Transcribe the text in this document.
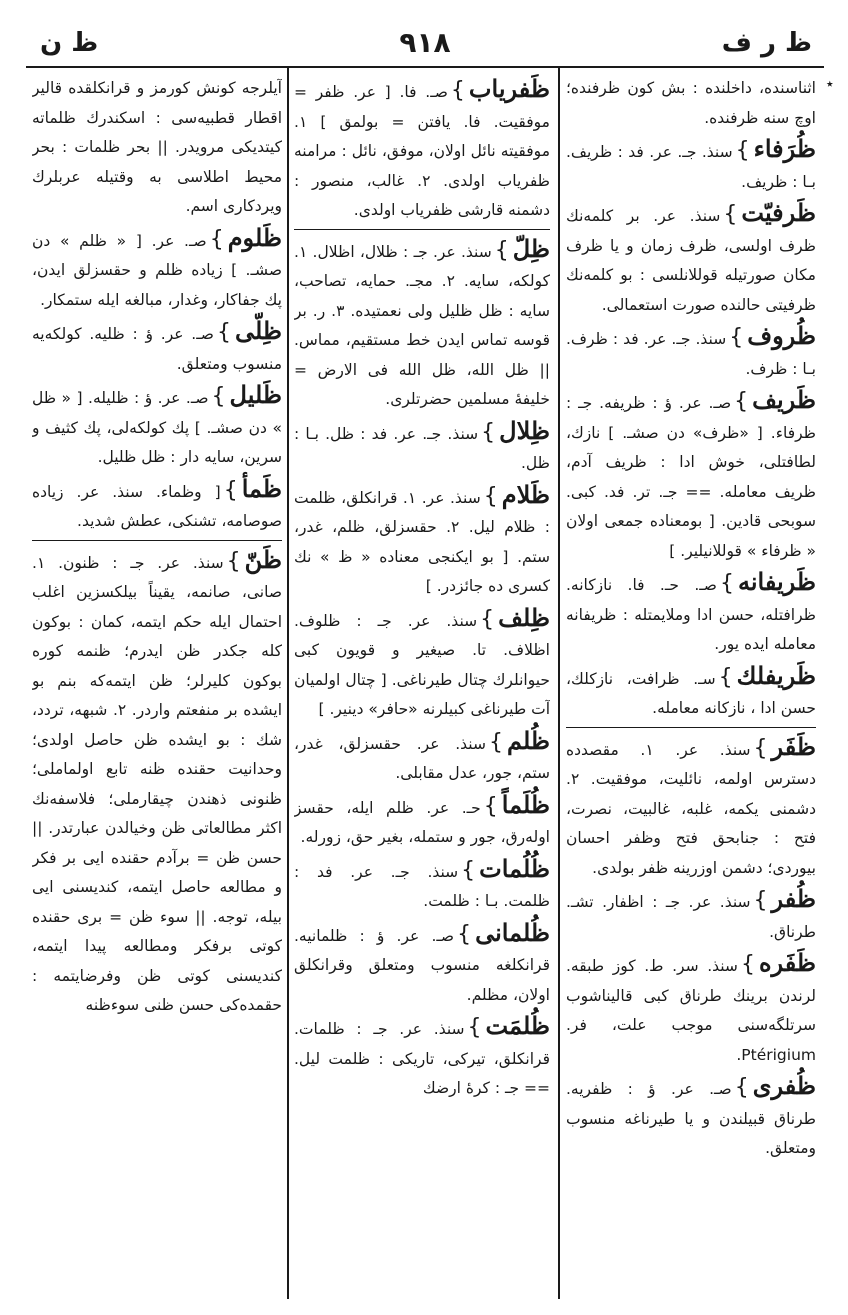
ظ ر ف
٩١٨
ظ ن
٭

اثناسنده، داخلنده : بش کون ظرفنده؛ اوچ سنه ظرفنده.

ظُرَفاء}سنذ. جـ. عر. فد : ظریف. بـا : ظریف.

ظَرفیّت}سنذ. عر. بر کلمه‌نك ظرف اولسی، ظرف زمان و یا ظرف مکان صورتیله قوللانلسی : بو کلمه‌نك ظرفیتی حالنده صورت استعمالی.

ظُروف}سنذ. جـ. عر. فد : ظرف. بـا : ظرف.

ظَریف}صـ. عر. ؤ : ظریفه. جـ : ظرفاء. [ «ظرف» دن صشـ. ] نازك، لطافتلی، خوش ادا : ظریف آدم، ظریف معامله. == جـ. تر. فد. کبی. سوبحی قادین. [ بومعناده جمعی اولان « ظرفاء » قوللانیلیر. ]

ظَریفانه}صـ. حـ. فا. نازکانه. ظرافتله، حسن ادا وملایمتله : ظریفانه معامله ایده یور.

ظَریفلك}سـ. ظرافت، نازکلك، حسن ادا ، نازکانه معامله.

ظَفَر}سنذ. عر. ١. مقصدده دسترس اولمه، نائلیت، موفقیت. ٢. دشمنی یکمه، غلبه، غالبیت، نصرت، فتح : جنابحق فتح وظفر احسان بیوردی؛ دشمن اوزرینه ظفر بولدی.

ظُفر}سنذ. عر. جـ : اظفار. تشـ. طرناق.

ظَفَره}سنذ. سر. ط. کوز طبقه. لرندن برینك طرناق کبی قالیناشوب سرتلگه‌سنی موجب علت، فر. Ptérigium.

ظُفری}صـ. عر. ؤ : ظفریه. طرناق قبیلندن و یا طیرناغه منسوب ومتعلق.

ظَفریاب}صـ. فا. [ عر. ظفر = موفقیت. فا. یافتن = بولمق ] ١. موفقیته نائل اولان، موفق، نائل : مرامنه ظفریاب اولدی. ٢. غالب، منصور : دشمنه قارشی ظفریاب اولدی.

ظِلّ}سنذ. عر. جـ : ظلال، اظلال. ١. کولکه، سایه. ٢. مجـ. حمایه، تصاحب، سایه : ظل ظلیل ولی نعمتیده. ٣. ر. بر قوسه تماس ایدن خط مستقیم، مماس. || ظل الله، ظل الله فی الارض = خلیفهٔ مسلمین حضرتلری.

ظِلال}سنذ. جـ. عر. فد : ظل. بـا : ظل.

ظَلام}سنذ. عر. ١. قرانکلق، ظلمت : ظلام لیل. ٢. حقسزلق، ظلم، غدر، ستم. [ بو ایکنجی معناده « ظ » نك کسری ده جائزدر. ]

ظِلف}سنذ. عر. جـ : ظلوف. اظلاف. تا. صیغیر و قویون کبی حیوانلرك چتال طیرناغی. [ چتال اولمیان آت طیرناغی کبیلرنه «حافر» دینیر. ]

ظُلم}سنذ. عر. حقسزلق، غدر، ستم، جور، عدل مقابلی.

ظُلَماً}حـ. عر. ظلم ایله، حقسز اوله‌رق، جور و ستمله، بغیر حق، زورله.

ظُلُمات}سنذ. جـ. عر. فد : ظلمت. بـا : ظلمت.

ظُلمانی}صـ. عر. ؤ : ظلمانیه. قرانکلغه منسوب ومتعلق وقرانکلق اولان، مظلم.

ظُلمَت}سنذ. عر. جـ : ظلمات. قرانکلق، تیرکی، تاریکی : ظلمت لیل. == جـ : کرهٔ ارضك

آیلرجه کونش کورمز و قرانکلقده قالیر اقطار قطبیه‌سی : اسکندرك ظلماته کیتدیکی مرویدر. || بحر ظلمات : بحر محیط اطلاسی به وقتیله عربلرك ویردکاری اسم.

ظَلوم}صـ. عر. [ « ظلم » دن صشـ. ] زیاده ظلم و حقسزلق ایدن، پك جفاکار، وغدار، مبالغه ایله ستمکار.

ظِلّی}صـ. عر. ؤ : ظلیه. کولکه‌یه منسوب ومتعلق.

ظَلیل}صـ. عر. ؤ : ظلیله. [ « ظل » دن صشـ. ] پك کولکه‌لی، پك کثیف و سرین، سایه دار : ظل ظلیل.

ظَمأ}[ وظماء. سنذ. عر. زیاده صوصامه، تشنکی، عطش شدید.

ظَنّ}سنذ. عر. جـ : ظنون. ١. صانی، صانمه، یقیناً بیلکسزین اغلب احتمال ایله حکم ایتمه، کمان : بوکون کله جکدر ظن ایدرم؛ ظنمه کوره بوکون کلیرلر؛ ظن ایتمه‌که بنم بو ایشده بر منفعتم واردر. ٢. شبهه، تردد، شك : بو ایشده ظن حاصل اولدی؛ وحدانیت حقنده ظنه تابع اولماملی؛ ظنونی ذهندن چیقارملی؛ فلاسفه‌نك اکثر مطالعاتی ظن وخیالدن عبارتدر. || حسن ظن = برآدم حقنده ایی بر فکر و مطالعه حاصل ایتمه، کندیسنی ایی بیله، توجه. || سوء ظن = بری حقنده کوتی برفکر ومطالعه پیدا ایتمه، کندیسنی کوتی ظن وفرضایتمه : حقمده‌کی حسن ظنی سوءظنه
